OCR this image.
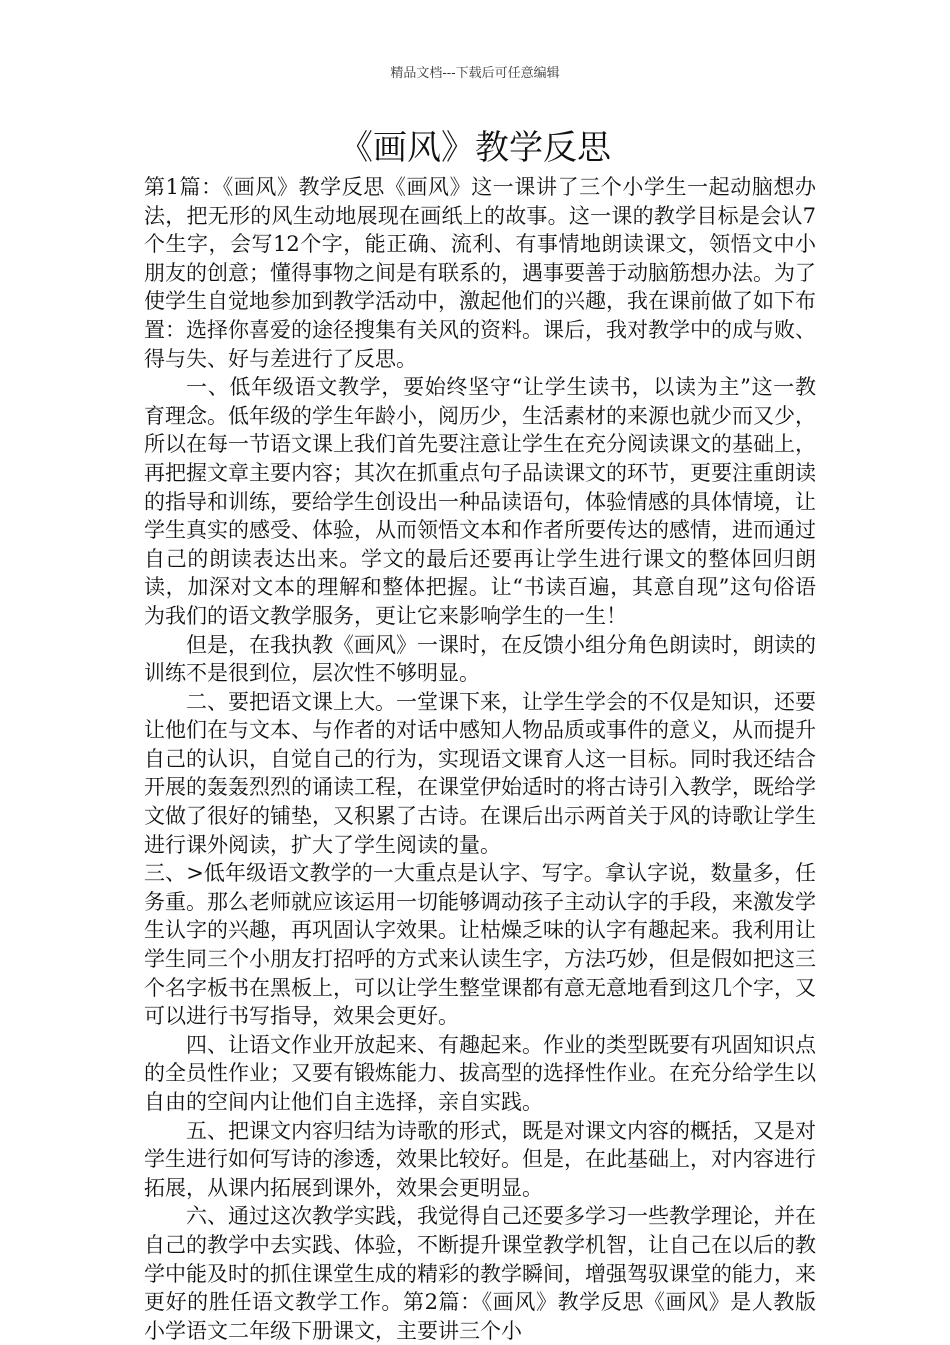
精品文档---下载后可任意编辑
《画风》教学反思

第1篇：《画风》教学反思《画风》这一课讲了三个小学生一起动脑想办法，把无形的风生动地展现在画纸上的故事。这一课的教学目标是会认7个生字，会写12个字，能正确、流利、有事情地朗读课文，领悟文中小朋友的创意；懂得事物之间是有联系的，遇事要善于动脑筋想办法。为了使学生自觉地参加到教学活动中，激起他们的兴趣，我在课前做了如下布置：选择你喜爱的途径搜集有关风的资料。课后，我对教学中的成与败、得与失、好与差进行了反思。

一、低年级语文教学，要始终坚守“让学生读书，以读为主”这一教育理念。低年级的学生年龄小，阅历少，生活素材的来源也就少而又少，所以在每一节语文课上我们首先要注意让学生在充分阅读课文的基础上，再把握文章主要内容；其次在抓重点句子品读课文的环节，更要注重朗读的指导和训练，要给学生创设出一种品读语句，体验情感的具体情境，让学生真实的感受、体验，从而领悟文本和作者所要传达的感情，进而通过自己的朗读表达出来。学文的最后还要再让学生进行课文的整体回归朗读，加深对文本的理解和整体把握。让“书读百遍，其意自现”这句俗语为我们的语文教学服务，更让它来影响学生的一生！

但是，在我执教《画风》一课时，在反馈小组分角色朗读时，朗读的训练不是很到位，层次性不够明显。

二、要把语文课上大。一堂课下来，让学生学会的不仅是知识，还要让他们在与文本、与作者的对话中感知人物品质或事件的意义，从而提升自己的认识，自觉自己的行为，实现语文课育人这一目标。同时我还结合开展的轰轰烈烈的诵读工程，在课堂伊始适时的将古诗引入教学，既给学文做了很好的铺垫，又积累了古诗。在课后出示两首关于风的诗歌让学生进行课外阅读，扩大了学生阅读的量。

三、>低年级语文教学的一大重点是认字、写字。拿认字说，数量多，任务重。那么老师就应该运用一切能够调动孩子主动认字的手段，来激发学生认字的兴趣，再巩固认字效果。让枯燥乏味的认字有趣起来。我利用让学生同三个小朋友打招呼的方式来认读生字，方法巧妙，但是假如把这三个名字板书在黑板上，可以让学生整堂课都有意无意地看到这几个字，又可以进行书写指导，效果会更好。

四、让语文作业开放起来、有趣起来。作业的类型既要有巩固知识点的全员性作业；又要有锻炼能力、拔高型的选择性作业。在充分给学生以自由的空间内让他们自主选择，亲自实践。

五、把课文内容归结为诗歌的形式，既是对课文内容的概括，又是对学生进行如何写诗的渗透，效果比较好。但是，在此基础上，对内容进行拓展，从课内拓展到课外，效果会更明显。

六、通过这次教学实践，我觉得自己还要多学习一些教学理论，并在自己的教学中去实践、体验，不断提升课堂教学机智，让自己在以后的教学中能及时的抓住课堂生成的精彩的教学瞬间，增强驾驭课堂的能力，来更好的胜任语文教学工作。第2篇：《画风》教学反思《画风》是人教版小学语文二年级下册课文，主要讲三个小
